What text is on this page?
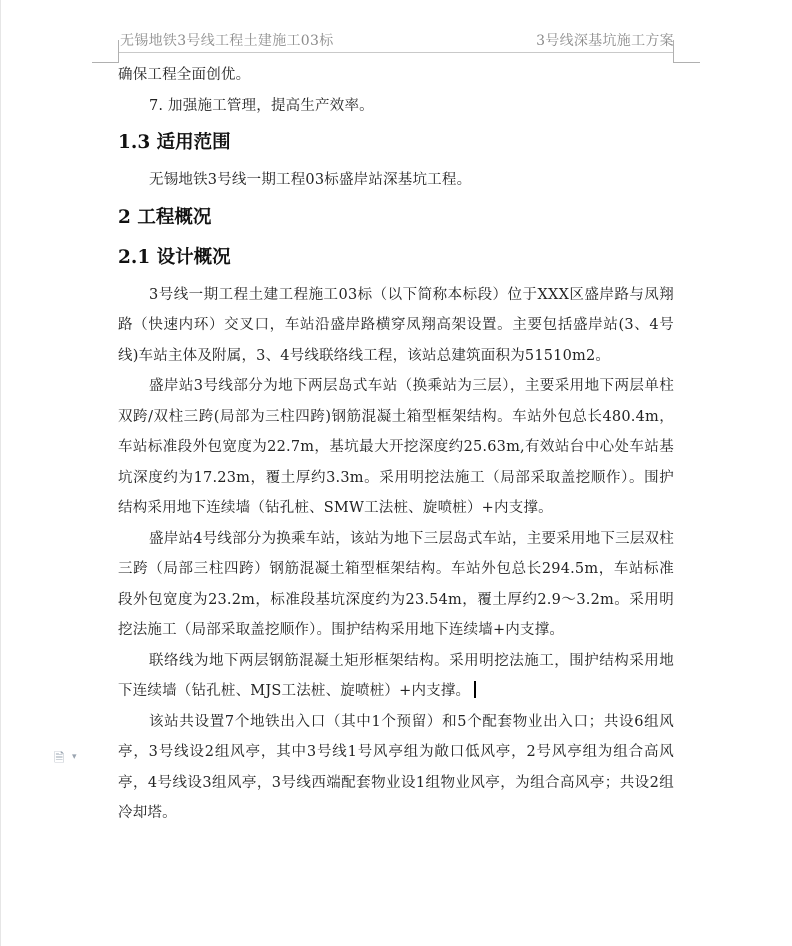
无锡地铁3号线工程土建施工03标	3号线深基坑施工方案

确保工程全面创优。

7. 加强施工管理，提高生产效率。

1.3 适用范围

无锡地铁3号线一期工程03标盛岸站深基坑工程。

2 工程概况
2.1 设计概况

3号线一期工程土建工程施工03标（以下简称本标段）位于XXX区盛岸路与凤翔路（快速内环）交叉口，车站沿盛岸路横穿凤翔高架设置。主要包括盛岸站(3、4号线)车站主体及附属，3、4号线联络线工程，该站总建筑面积为51510m2。

盛岸站3号线部分为地下两层岛式车站（换乘站为三层），主要采用地下两层单柱双跨/双柱三跨(局部为三柱四跨)钢筋混凝土箱型框架结构。车站外包总长480.4m，车站标准段外包宽度为22.7m，基坑最大开挖深度约25.63m,有效站台中心处车站基坑深度约为17.23m，覆土厚约3.3m。采用明挖法施工（局部采取盖挖顺作）。围护结构采用地下连续墙（钻孔桩、SMW工法桩、旋喷桩）+内支撑。

盛岸站4号线部分为换乘车站，该站为地下三层岛式车站，主要采用地下三层双柱三跨（局部三柱四跨）钢筋混凝土箱型框架结构。车站外包总长294.5m，车站标准段外包宽度为23.2m，标准段基坑深度约为23.54m，覆土厚约2.9～3.2m。采用明挖法施工（局部采取盖挖顺作）。围护结构采用地下连续墙+内支撑。

联络线为地下两层钢筋混凝土矩形框架结构。采用明挖法施工，围护结构采用地下连续墙（钻孔桩、MJS工法桩、旋喷桩）+内支撑。

该站共设置7个地铁出入口（其中1个预留）和5个配套物业出入口；共设6组风亭，3号线设2组风亭，其中3号线1号风亭组为敞口低风亭，2号风亭组为组合高风亭，4号线设3组风亭，3号线西端配套物业设1组物业风亭，为组合高风亭；共设2组冷却塔。

🗎 ▾
